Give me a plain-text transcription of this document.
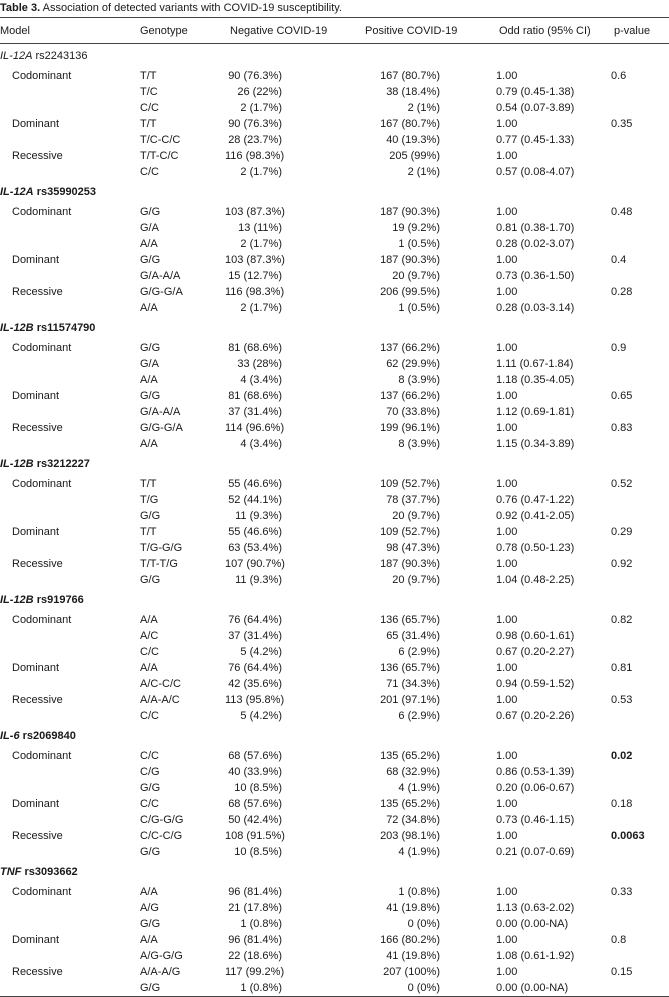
Table 3. Association of detected variants with COVID-19 susceptibility.
Model	Genotype	Negative COVID-19	Positive COVID-19	Odd ratio (95% CI)	p-value
IL-12A rs2243136					
Codominant	T/T	90 (76.3%)	167 (80.7%)	1.00	0.6
	T/C	26 (22%)	38 (18.4%)	0.79 (0.45-1.38)	
	C/C	2 (1.7%)	2 (1%)	0.54 (0.07-3.89)	
Dominant	T/T	90 (76.3%)	167 (80.7%)	1.00	0.35
	T/C-C/C	28 (23.7%)	40 (19.3%)	0.77 (0.45-1.33)	
Recessive	T/T-C/C	116 (98.3%)	205 (99%)	1.00	
	C/C	2 (1.7%)	2 (1%)	0.57 (0.08-4.07)	
IL-12A rs35990253					
Codominant	G/G	103 (87.3%)	187 (90.3%)	1.00	0.48
	G/A	13 (11%)	19 (9.2%)	0.81 (0.38-1.70)	
	A/A	2 (1.7%)	1 (0.5%)	0.28 (0.02-3.07)	
Dominant	G/G	103 (87.3%)	187 (90.3%)	1.00	0.4
	G/A-A/A	15 (12.7%)	20 (9.7%)	0.73 (0.36-1.50)	
Recessive	G/G-G/A	116 (98.3%)	206 (99.5%)	1.00	0.28
	A/A	2 (1.7%)	1 (0.5%)	0.28 (0.03-3.14)	
IL-12B rs11574790					
Codominant	G/G	81 (68.6%)	137 (66.2%)	1.00	0.9
	G/A	33 (28%)	62 (29.9%)	1.11 (0.67-1.84)	
	A/A	4 (3.4%)	8 (3.9%)	1.18 (0.35-4.05)	
Dominant	G/G	81 (68.6%)	137 (66.2%)	1.00	0.65
	G/A-A/A	37 (31.4%)	70 (33.8%)	1.12 (0.69-1.81)	
Recessive	G/G-G/A	114 (96.6%)	199 (96.1%)	1.00	0.83
	A/A	4 (3.4%)	8 (3.9%)	1.15 (0.34-3.89)	
IL-12B rs3212227					
Codominant	T/T	55 (46.6%)	109 (52.7%)	1.00	0.52
	T/G	52 (44.1%)	78 (37.7%)	0.76 (0.47-1.22)	
	G/G	11 (9.3%)	20 (9.7%)	0.92 (0.41-2.05)	
Dominant	T/T	55 (46.6%)	109 (52.7%)	1.00	0.29
	T/G-G/G	63 (53.4%)	98 (47.3%)	0.78 (0.50-1.23)	
Recessive	T/T-T/G	107 (90.7%)	187 (90.3%)	1.00	0.92
	G/G	11 (9.3%)	20 (9.7%)	1.04 (0.48-2.25)	
IL-12B rs919766					
Codominant	A/A	76 (64.4%)	136 (65.7%)	1.00	0.82
	A/C	37 (31.4%)	65 (31.4%)	0.98 (0.60-1.61)	
	C/C	5 (4.2%)	6 (2.9%)	0.67 (0.20-2.27)	
Dominant	A/A	76 (64.4%)	136 (65.7%)	1.00	0.81
	A/C-C/C	42 (35.6%)	71 (34.3%)	0.94 (0.59-1.52)	
Recessive	A/A-A/C	113 (95.8%)	201 (97.1%)	1.00	0.53
	C/C	5 (4.2%)	6 (2.9%)	0.67 (0.20-2.26)	
IL-6 rs2069840					
Codominant	C/C	68 (57.6%)	135 (65.2%)	1.00	0.02
	C/G	40 (33.9%)	68 (32.9%)	0.86 (0.53-1.39)	
	G/G	10 (8.5%)	4 (1.9%)	0.20 (0.06-0.67)	
Dominant	C/C	68 (57.6%)	135 (65.2%)	1.00	0.18
	C/G-G/G	50 (42.4%)	72 (34.8%)	0.73 (0.46-1.15)	
Recessive	C/C-C/G	108 (91.5%)	203 (98.1%)	1.00	0.0063
	G/G	10 (8.5%)	4 (1.9%)	0.21 (0.07-0.69)	
TNF rs3093662					
Codominant	A/A	96 (81.4%)	1 (0.8%)	1.00	0.33
	A/G	21 (17.8%)	41 (19.8%)	1.13 (0.63-2.02)	
	G/G	1 (0.8%)	0 (0%)	0.00 (0.00-NA)	
Dominant	A/A	96 (81.4%)	166 (80.2%)	1.00	0.8
	A/G-G/G	22 (18.6%)	41 (19.8%)	1.08 (0.61-1.92)	
Recessive	A/A-A/G	117 (99.2%)	207 (100%)	1.00	0.15
	G/G	1 (0.8%)	0 (0%)	0.00 (0.00-NA)	
